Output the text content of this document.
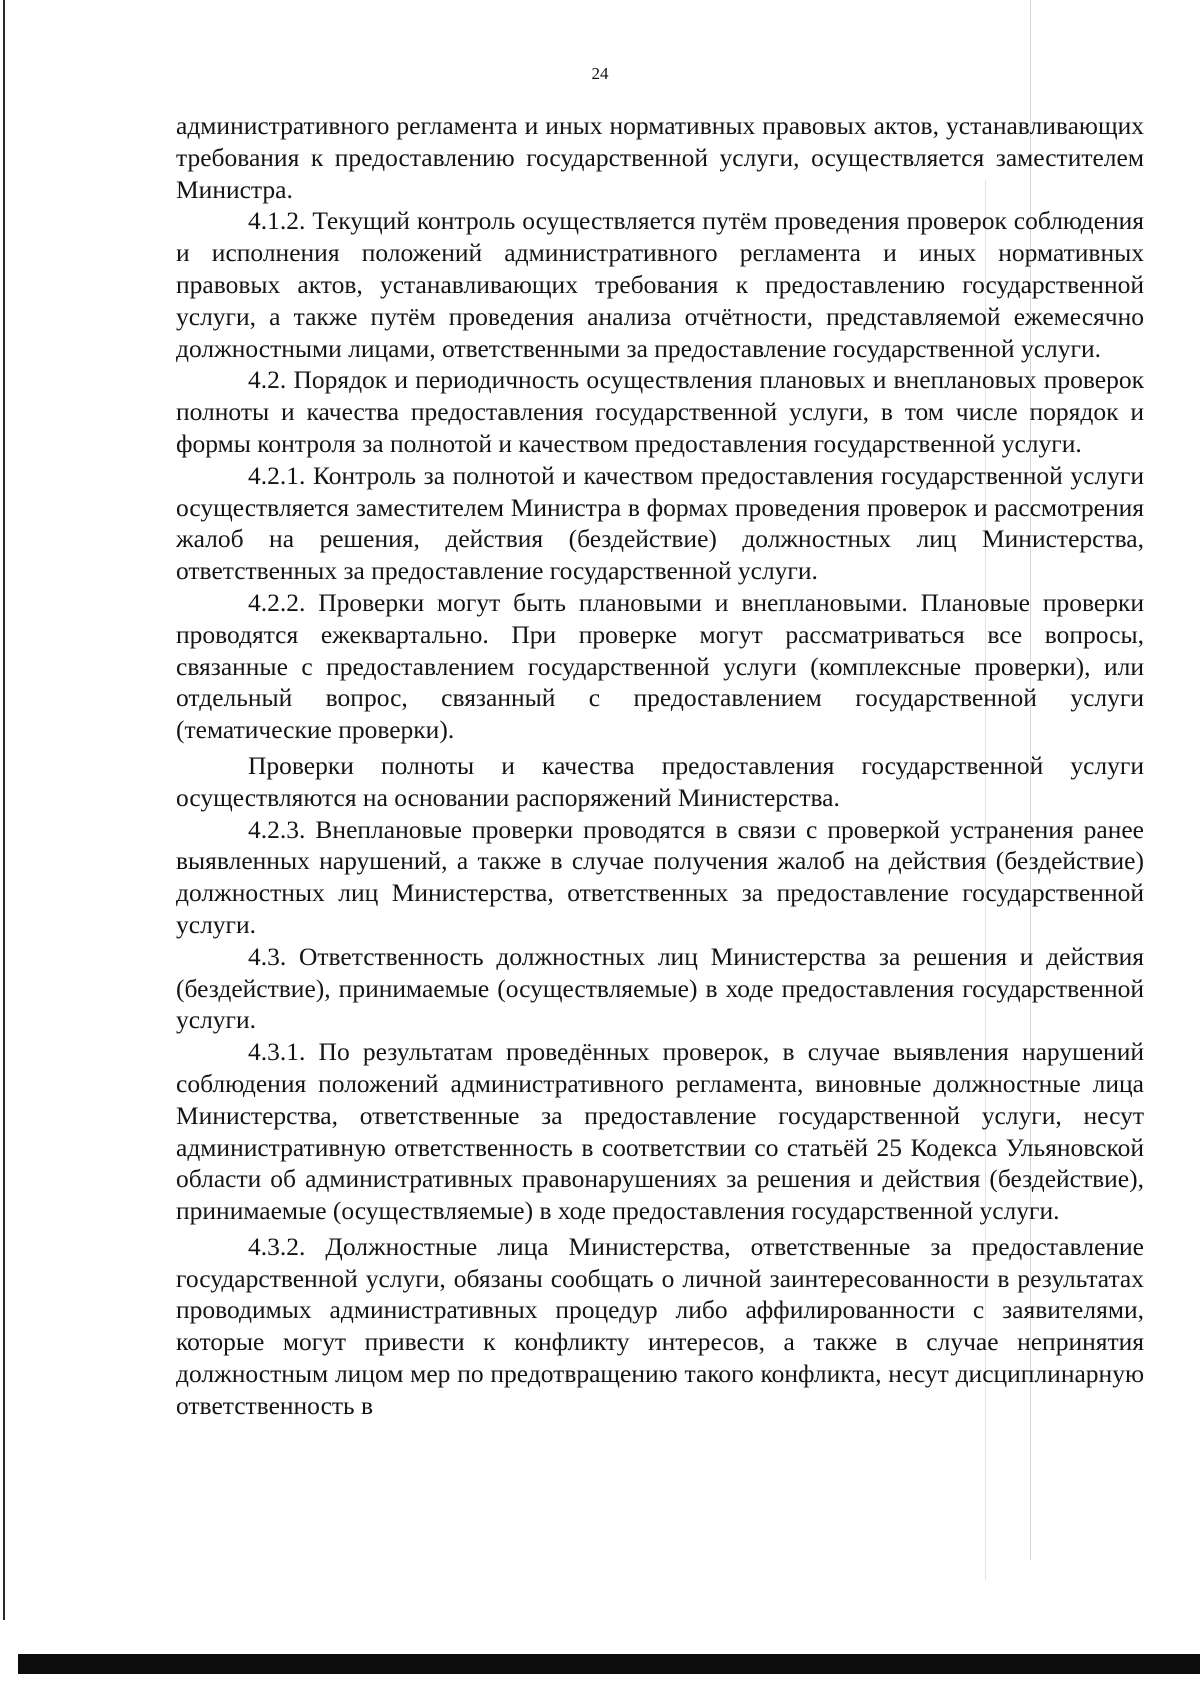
24

административного регламента и иных нормативных правовых актов, устанавливающих требования к предоставлению государственной услуги, осуществляется заместителем Министра.

4.1.2. Текущий контроль осуществляется путём проведения проверок соблюдения и исполнения положений административного регламента и иных нормативных правовых актов, устанавливающих требования к предоставлению государственной услуги, а также путём проведения анализа отчётности, представляемой ежемесячно должностными лицами, ответственными за предоставление государственной услуги.

4.2. Порядок и периодичность осуществления плановых и внеплановых проверок полноты и качества предоставления государственной услуги, в том числе порядок и формы контроля за полнотой и качеством предоставления государственной услуги.

4.2.1. Контроль за полнотой и качеством предоставления государственной услуги осуществляется заместителем Министра в формах проведения проверок и рассмотрения жалоб на решения, действия (бездействие) должностных лиц Министерства, ответственных за предоставление государственной услуги.

4.2.2. Проверки могут быть плановыми и внеплановыми. Плановые проверки проводятся ежеквартально. При проверке могут рассматриваться все вопросы, связанные с предоставлением государственной услуги (комплексные проверки), или отдельный вопрос, связанный с предоставлением государственной услуги (тематические проверки).

Проверки полноты и качества предоставления государственной услуги осуществляются на основании распоряжений Министерства.

4.2.3. Внеплановые проверки проводятся в связи с проверкой устранения ранее выявленных нарушений, а также в случае получения жалоб на действия (бездействие) должностных лиц Министерства, ответственных за предоставление государственной услуги.

4.3. Ответственность должностных лиц Министерства за решения и действия (бездействие), принимаемые (осуществляемые) в ходе предоставления государственной услуги.

4.3.1. По результатам проведённых проверок, в случае выявления нарушений соблюдения положений административного регламента, виновные должностные лица Министерства, ответственные за предоставление государственной услуги, несут административную ответственность в соответствии со статьёй 25 Кодекса Ульяновской области об административных правонарушениях за решения и действия (бездействие), принимаемые (осуществляемые) в ходе предоставления государственной услуги.

4.3.2. Должностные лица Министерства, ответственные за предоставление государственной услуги, обязаны сообщать о личной заинтересованности в результатах проводимых административных процедур либо аффилированности с заявителями, которые могут привести к конфликту интересов, а также в случае непринятия должностным лицом мер по предотвращению такого конфликта, несут дисциплинарную ответственность в
